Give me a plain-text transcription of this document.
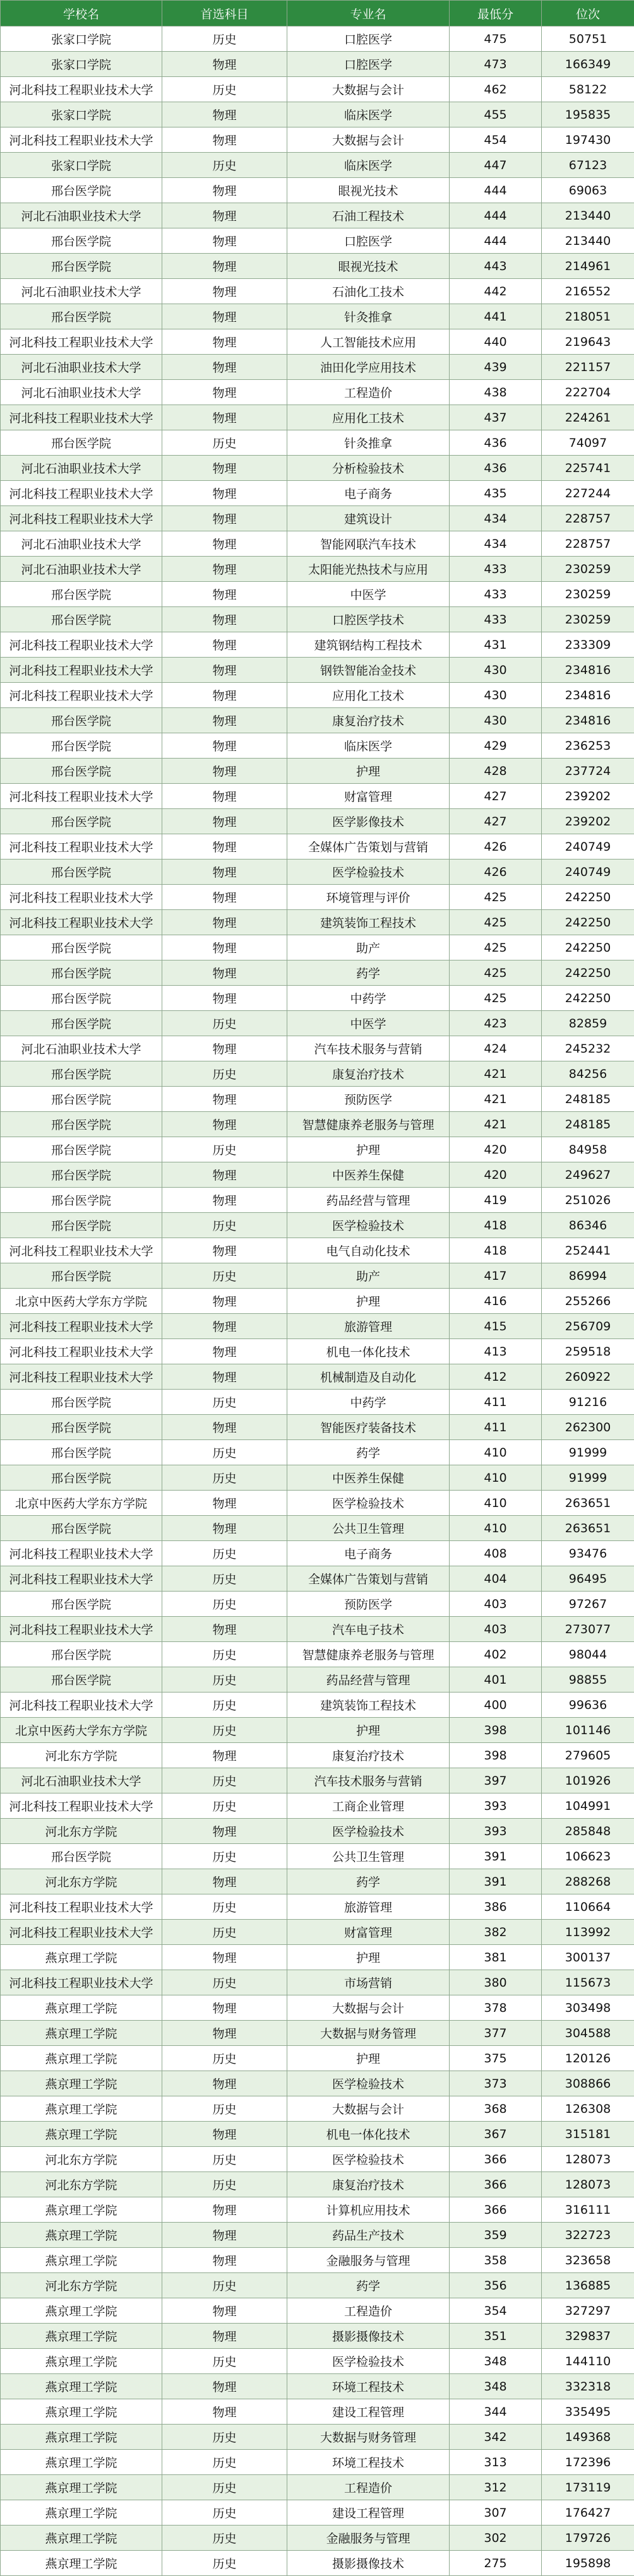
学校名	首选科目	专业名	最低分	位次
张家口学院	历史	口腔医学	475	50751
张家口学院	物理	口腔医学	473	166349
河北科技工程职业技术大学	历史	大数据与会计	462	58122
张家口学院	物理	临床医学	455	195835
河北科技工程职业技术大学	物理	大数据与会计	454	197430
张家口学院	历史	临床医学	447	67123
邢台医学院	物理	眼视光技术	444	69063
河北石油职业技术大学	物理	石油工程技术	444	213440
邢台医学院	物理	口腔医学	444	213440
邢台医学院	物理	眼视光技术	443	214961
河北石油职业技术大学	物理	石油化工技术	442	216552
邢台医学院	物理	针灸推拿	441	218051
河北科技工程职业技术大学	物理	人工智能技术应用	440	219643
河北石油职业技术大学	物理	油田化学应用技术	439	221157
河北石油职业技术大学	物理	工程造价	438	222704
河北科技工程职业技术大学	物理	应用化工技术	437	224261
邢台医学院	历史	针灸推拿	436	74097
河北石油职业技术大学	物理	分析检验技术	436	225741
河北科技工程职业技术大学	物理	电子商务	435	227244
河北科技工程职业技术大学	物理	建筑设计	434	228757
河北石油职业技术大学	物理	智能网联汽车技术	434	228757
河北石油职业技术大学	物理	太阳能光热技术与应用	433	230259
邢台医学院	物理	中医学	433	230259
邢台医学院	物理	口腔医学技术	433	230259
河北科技工程职业技术大学	物理	建筑钢结构工程技术	431	233309
河北科技工程职业技术大学	物理	钢铁智能冶金技术	430	234816
河北科技工程职业技术大学	物理	应用化工技术	430	234816
邢台医学院	物理	康复治疗技术	430	234816
邢台医学院	物理	临床医学	429	236253
邢台医学院	物理	护理	428	237724
河北科技工程职业技术大学	物理	财富管理	427	239202
邢台医学院	物理	医学影像技术	427	239202
河北科技工程职业技术大学	物理	全媒体广告策划与营销	426	240749
邢台医学院	物理	医学检验技术	426	240749
河北科技工程职业技术大学	物理	环境管理与评价	425	242250
河北科技工程职业技术大学	物理	建筑装饰工程技术	425	242250
邢台医学院	物理	助产	425	242250
邢台医学院	物理	药学	425	242250
邢台医学院	物理	中药学	425	242250
邢台医学院	历史	中医学	423	82859
河北石油职业技术大学	物理	汽车技术服务与营销	424	245232
邢台医学院	历史	康复治疗技术	421	84256
邢台医学院	物理	预防医学	421	248185
邢台医学院	物理	智慧健康养老服务与管理	421	248185
邢台医学院	历史	护理	420	84958
邢台医学院	物理	中医养生保健	420	249627
邢台医学院	物理	药品经营与管理	419	251026
邢台医学院	历史	医学检验技术	418	86346
河北科技工程职业技术大学	物理	电气自动化技术	418	252441
邢台医学院	历史	助产	417	86994
北京中医药大学东方学院	物理	护理	416	255266
河北科技工程职业技术大学	物理	旅游管理	415	256709
河北科技工程职业技术大学	物理	机电一体化技术	413	259518
河北科技工程职业技术大学	物理	机械制造及自动化	412	260922
邢台医学院	历史	中药学	411	91216
邢台医学院	物理	智能医疗装备技术	411	262300
邢台医学院	历史	药学	410	91999
邢台医学院	历史	中医养生保健	410	91999
北京中医药大学东方学院	物理	医学检验技术	410	263651
邢台医学院	物理	公共卫生管理	410	263651
河北科技工程职业技术大学	历史	电子商务	408	93476
河北科技工程职业技术大学	历史	全媒体广告策划与营销	404	96495
邢台医学院	历史	预防医学	403	97267
河北科技工程职业技术大学	物理	汽车电子技术	403	273077
邢台医学院	历史	智慧健康养老服务与管理	402	98044
邢台医学院	历史	药品经营与管理	401	98855
河北科技工程职业技术大学	历史	建筑装饰工程技术	400	99636
北京中医药大学东方学院	历史	护理	398	101146
河北东方学院	物理	康复治疗技术	398	279605
河北石油职业技术大学	历史	汽车技术服务与营销	397	101926
河北科技工程职业技术大学	历史	工商企业管理	393	104991
河北东方学院	物理	医学检验技术	393	285848
邢台医学院	历史	公共卫生管理	391	106623
河北东方学院	物理	药学	391	288268
河北科技工程职业技术大学	历史	旅游管理	386	110664
河北科技工程职业技术大学	历史	财富管理	382	113992
燕京理工学院	物理	护理	381	300137
河北科技工程职业技术大学	历史	市场营销	380	115673
燕京理工学院	物理	大数据与会计	378	303498
燕京理工学院	物理	大数据与财务管理	377	304588
燕京理工学院	历史	护理	375	120126
燕京理工学院	物理	医学检验技术	373	308866
燕京理工学院	历史	大数据与会计	368	126308
燕京理工学院	物理	机电一体化技术	367	315181
河北东方学院	历史	医学检验技术	366	128073
河北东方学院	历史	康复治疗技术	366	128073
燕京理工学院	物理	计算机应用技术	366	316111
燕京理工学院	物理	药品生产技术	359	322723
燕京理工学院	物理	金融服务与管理	358	323658
河北东方学院	历史	药学	356	136885
燕京理工学院	物理	工程造价	354	327297
燕京理工学院	物理	摄影摄像技术	351	329837
燕京理工学院	历史	医学检验技术	348	144110
燕京理工学院	物理	环境工程技术	348	332318
燕京理工学院	物理	建设工程管理	344	335495
燕京理工学院	历史	大数据与财务管理	342	149368
燕京理工学院	历史	环境工程技术	313	172396
燕京理工学院	历史	工程造价	312	173119
燕京理工学院	历史	建设工程管理	307	176427
燕京理工学院	历史	金融服务与管理	302	179726
燕京理工学院	历史	摄影摄像技术	275	195898
